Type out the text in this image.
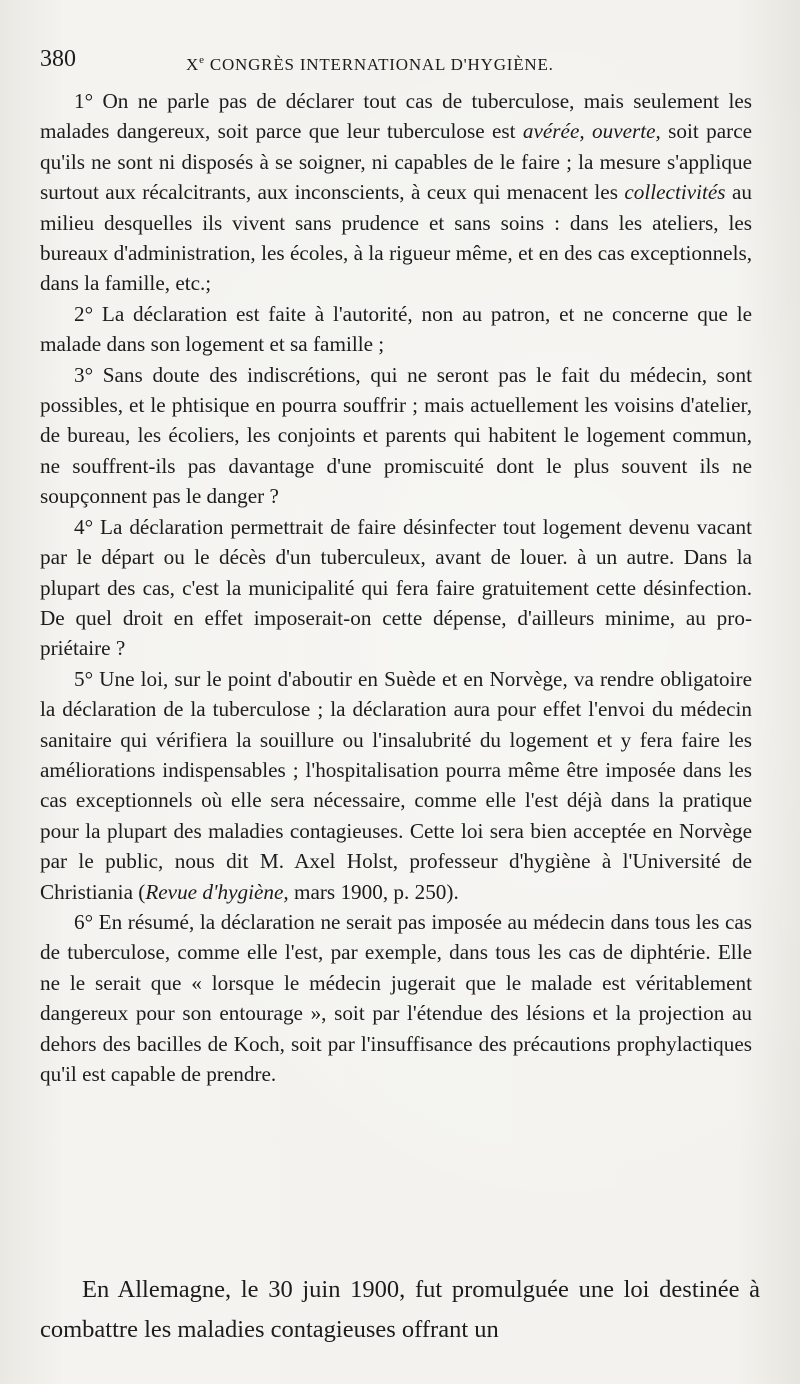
380	Xe CONGRÈS INTERNATIONAL D'HYGIÈNE.

1° On ne parle pas de déclarer tout cas de tuberculose, mais seulement les malades dangereux, soit parce que leur tuberculose est avérée, ouverte, soit parce qu'ils ne sont ni disposés à se soigner, ni capables de le faire ; la mesure s'applique surtout aux récalcitrants, aux inconscients, à ceux qui menacent les collectivités au milieu desquelles ils vivent sans prudence et sans soins : dans les ateliers, les bureaux d'administration, les écoles, à la rigueur même, et en des cas exceptionnels, dans la famille, etc.;

2° La déclaration est faite à l'autorité, non au patron, et ne concerne que le malade dans son logement et sa famille ;

3° Sans doute des indiscrétions, qui ne seront pas le fait du médecin, sont possibles, et le phtisique en pourra souffrir ; mais actuellement les voisins d'atelier, de bureau, les écoliers, les conjoints et parents qui habitent le logement commun, ne souffrent-ils pas davantage d'une promiscuité dont le plus souvent ils ne soupçonnent pas le danger ?

4° La déclaration permettrait de faire désinfecter tout logement devenu vacant par le départ ou le décès d'un tuberculeux, avant de louer. à un autre. Dans la plupart des cas, c'est la municipalité qui fera faire gratuitement cette désinfection. De quel droit en effet imposerait-on cette dépense, d'ailleurs minime, au propriétaire ?

5° Une loi, sur le point d'aboutir en Suède et en Norvège, va rendre obligatoire la déclaration de la tuberculose ; la déclaration aura pour effet l'envoi du médecin sanitaire qui vérifiera la souillure ou l'insalubrité du logement et y fera faire les améliorations indispensables ; l'hospitalisation pourra même être imposée dans les cas exceptionnels où elle sera nécessaire, comme elle l'est déjà dans la pratique pour la plupart des maladies contagieuses. Cette loi sera bien acceptée en Norvège par le public, nous dit M. Axel Holst, professeur d'hygiène à l'Université de Christiania (Revue d'hygiène, mars 1900, p. 250).

6° En résumé, la déclaration ne serait pas imposée au médecin dans tous les cas de tuberculose, comme elle l'est, par exemple, dans tous les cas de diphtérie. Elle ne le serait que « lorsque le médecin jugerait que le malade est véritablement dangereux pour son entourage », soit par l'étendue des lésions et la projection au dehors des bacilles de Koch, soit par l'insuffisance des précautions prophylactiques qu'il est capable de prendre.

En Allemagne, le 30 juin 1900, fut promulguée une loi destinée à combattre les maladies contagieuses offrant un
